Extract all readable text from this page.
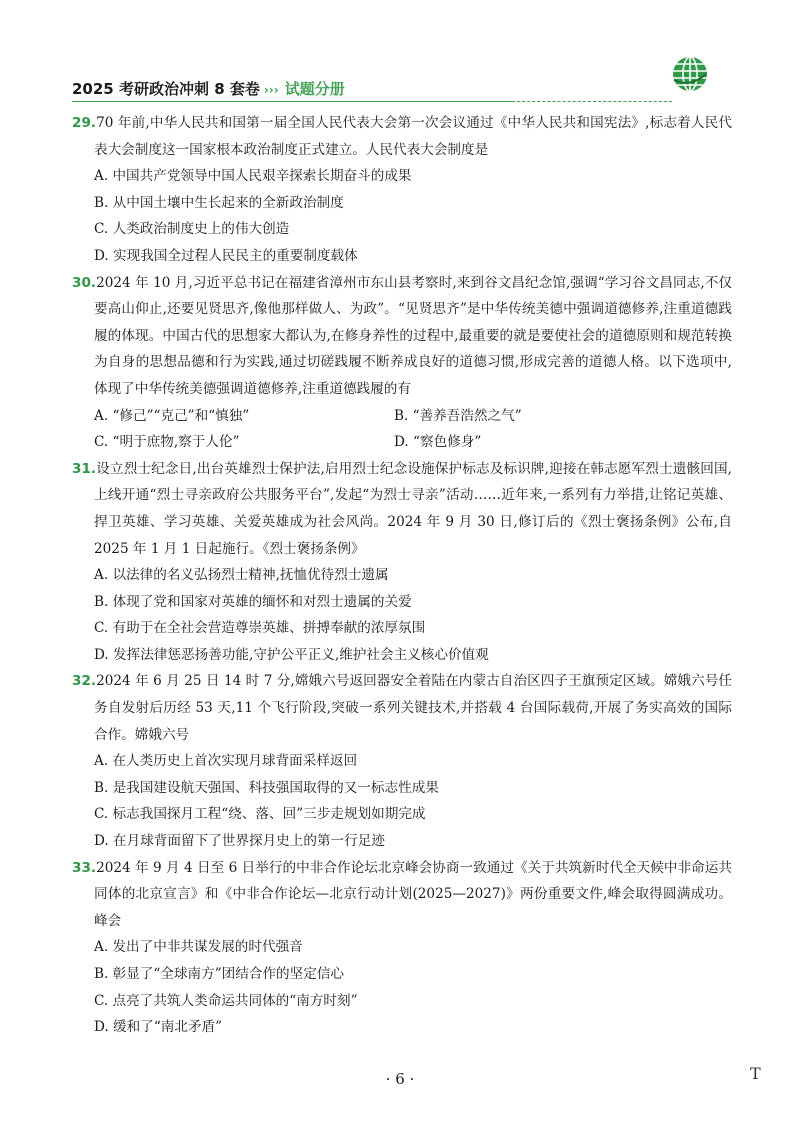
2025 考研政治冲刺 8 套卷 ››› 试题分册
29.70 年前,中华人民共和国第一届全国人民代表大会第一次会议通过《中华人民共和国宪法》,标志着人民代表大会制度这一国家根本政治制度正式建立。人民代表大会制度是
A. 中国共产党领导中国人民艰辛探索长期奋斗的成果
B. 从中国土壤中生长起来的全新政治制度
C. 人类政治制度史上的伟大创造
D. 实现我国全过程人民民主的重要制度载体
30.2024 年 10 月,习近平总书记在福建省漳州市东山县考察时,来到谷文昌纪念馆,强调“学习谷文昌同志,不仅要高山仰止,还要见贤思齐,像他那样做人、为政”。“见贤思齐”是中华传统美德中强调道德修养,注重道德践履的体现。中国古代的思想家大都认为,在修身养性的过程中,最重要的就是要使社会的道德原则和规范转换为自身的思想品德和行为实践,通过切磋践履不断养成良好的道德习惯,形成完善的道德人格。以下选项中,体现了中华传统美德强调道德修养,注重道德践履的有
A. “修己”“克己”和“慎独”	B. “善养吾浩然之气”
C. “明于庶物,察于人伦”	D. “察色修身”
31.设立烈士纪念日,出台英雄烈士保护法,启用烈士纪念设施保护标志及标识牌,迎接在韩志愿军烈士遗骸回国,上线开通“烈士寻亲政府公共服务平台”,发起“为烈士寻亲”活动……近年来,一系列有力举措,让铭记英雄、捍卫英雄、学习英雄、关爱英雄成为社会风尚。2024 年 9 月 30 日,修订后的《烈士褒扬条例》公布,自 2025 年 1 月 1 日起施行。《烈士褒扬条例》
A. 以法律的名义弘扬烈士精神,抚恤优待烈士遗属
B. 体现了党和国家对英雄的缅怀和对烈士遗属的关爱
C. 有助于在全社会营造尊崇英雄、拼搏奉献的浓厚氛围
D. 发挥法律惩恶扬善功能,守护公平正义,维护社会主义核心价值观
32.2024 年 6 月 25 日 14 时 7 分,嫦娥六号返回器安全着陆在内蒙古自治区四子王旗预定区域。嫦娥六号任务自发射后历经 53 天,11 个飞行阶段,突破一系列关键技术,并搭载 4 台国际载荷,开展了务实高效的国际合作。嫦娥六号
A. 在人类历史上首次实现月球背面采样返回
B. 是我国建设航天强国、科技强国取得的又一标志性成果
C. 标志我国探月工程“绕、落、回”三步走规划如期完成
D. 在月球背面留下了世界探月史上的第一行足迹
33.2024 年 9 月 4 日至 6 日举行的中非合作论坛北京峰会协商一致通过《关于共筑新时代全天候中非命运共同体的北京宣言》和《中非合作论坛—北京行动计划(2025—2027)》两份重要文件,峰会取得圆满成功。峰会
A. 发出了中非共谋发展的时代强音
B. 彰显了“全球南方”团结合作的坚定信心
C. 点亮了共筑人类命运共同体的“南方时刻”
D. 缓和了“南北矛盾”
· 6 ·	T
